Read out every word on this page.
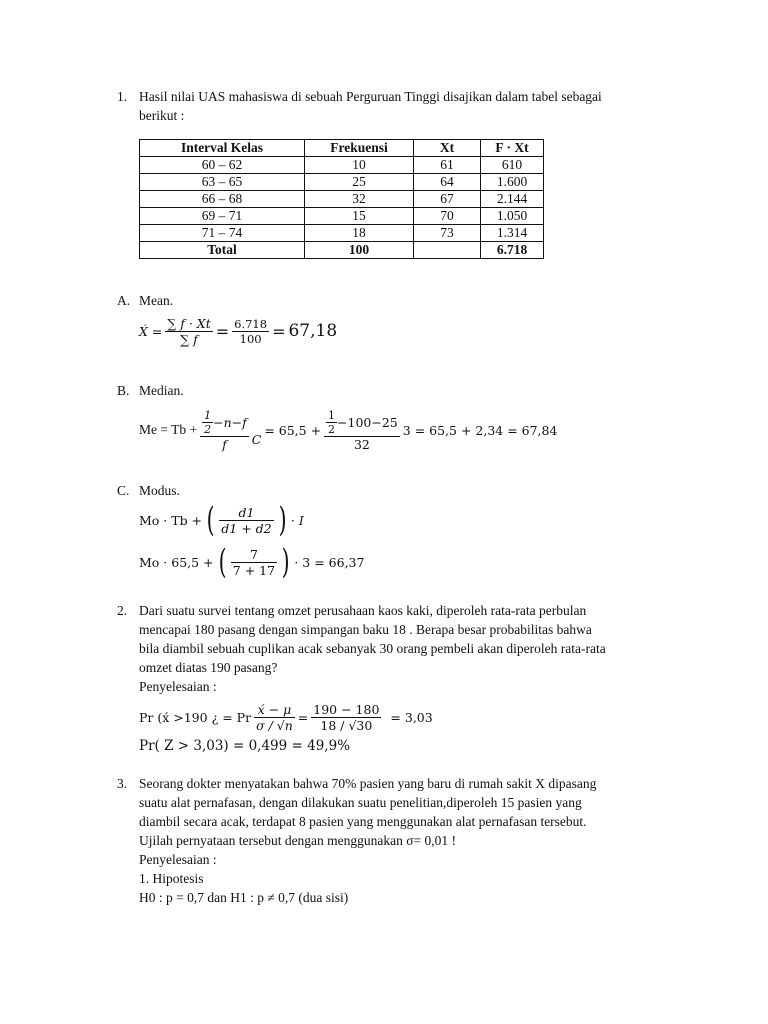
1. Hasil nilai UAS mahasiswa di sebuah Perguruan Tinggi disajikan dalam tabel sebagai
berikut :
Interval Kelas	Frekuensi	Xt	F · Xt
60 – 62	10	61	610
63 – 65	25	64	1.600
66 – 68	32	67	2.144
69 – 71	15	70	1.050
71 – 74	18	73	1.314
Total	100		6.718
A. Mean.
X́ = $\frac{\sum f \cdot Xt}{\sum f} = \frac{6.718}{100} = 67,18$
B. Median.
$Me = Tb + \frac{\frac{1}{2} -n-f}{f}$ C
= $65,5 + \frac{\frac{1}{2} -100-25}{32} 3 = 65,5 + 2,34 = 67,84$
C. Modus.
Mo · Tb + ( $\frac{d1}{d1 + d2}$ ) · I
Mo · 65,5 + ( $\frac{7}{7 + 17}$ ) · 3 = 66,37
2. Dari suatu survei tentang omzet perusahaan kaos kaki, diperoleh rata-rata perbulan
mencapai 180 pasang dengan simpangan baku 18 . Berapa besar probabilitas bahwa
bila diambil sebuah cuplikan acak sebanyak 30 orang pembeli akan diperoleh rata-rata
omzet diatas 190 pasang?
Penyelesaian :
Pr (x́ >190 ¿ = Pr $\frac{x́ - \mu}{\sigma / √n} = \frac{190 - 180}{18 / √30} = 3,03$
Pr( Z > 3,03) = 0,499 = 49,9%
3. Seorang dokter menyatakan bahwa 70% pasien yang baru di rumah sakit X dipasang
suatu alat pernafasan, dengan dilakukan suatu penelitian,diperoleh 15 pasien yang
diambil secara acak, terdapat 8 pasien yang menggunakan alat pernafasan tersebut.
Ujilah pernyataan tersebut dengan menggunakan σ= 0,01 !
Penyelesaian :
1. Hipotesis
H0 : p = 0,7 dan H1 : p ≠ 0,7 (dua sisi)
